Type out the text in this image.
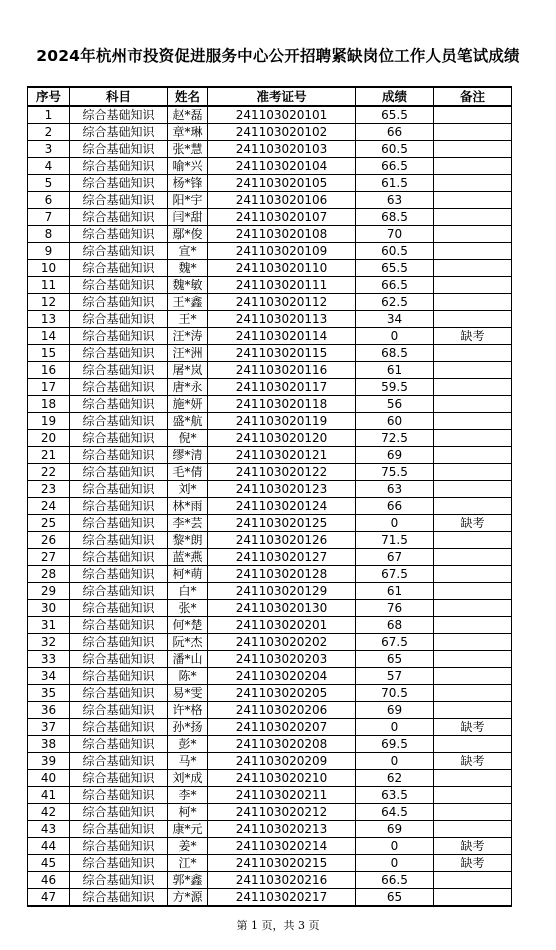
2024年杭州市投资促进服务中心公开招聘紧缺岗位工作人员笔试成绩
序号	科目	姓名	准考证号	成绩	备注
1	综合基础知识	赵*磊	241103020101	65.5	
2	综合基础知识	章*琳	241103020102	66	
3	综合基础知识	张*慧	241103020103	60.5	
4	综合基础知识	喻*兴	241103020104	66.5	
5	综合基础知识	杨*锋	241103020105	61.5	
6	综合基础知识	阳*宇	241103020106	63	
7	综合基础知识	闫*甜	241103020107	68.5	
8	综合基础知识	鄢*俊	241103020108	70	
9	综合基础知识	宣*	241103020109	60.5	
10	综合基础知识	魏*	241103020110	65.5	
11	综合基础知识	魏*敏	241103020111	66.5	
12	综合基础知识	王*鑫	241103020112	62.5	
13	综合基础知识	王*	241103020113	34	
14	综合基础知识	汪*涛	241103020114	0	缺考
15	综合基础知识	汪*洲	241103020115	68.5	
16	综合基础知识	屠*岚	241103020116	61	
17	综合基础知识	唐*永	241103020117	59.5	
18	综合基础知识	施*妍	241103020118	56	
19	综合基础知识	盛*航	241103020119	60	
20	综合基础知识	倪*	241103020120	72.5	
21	综合基础知识	缪*清	241103020121	69	
22	综合基础知识	毛*倩	241103020122	75.5	
23	综合基础知识	刘*	241103020123	63	
24	综合基础知识	林*雨	241103020124	66	
25	综合基础知识	李*芸	241103020125	0	缺考
26	综合基础知识	黎*朗	241103020126	71.5	
27	综合基础知识	蓝*燕	241103020127	67	
28	综合基础知识	柯*萌	241103020128	67.5	
29	综合基础知识	白*	241103020129	61	
30	综合基础知识	张*	241103020130	76	
31	综合基础知识	何*楚	241103020201	68	
32	综合基础知识	阮*杰	241103020202	67.5	
33	综合基础知识	潘*山	241103020203	65	
34	综合基础知识	陈*	241103020204	57	
35	综合基础知识	易*雯	241103020205	70.5	
36	综合基础知识	许*格	241103020206	69	
37	综合基础知识	孙*扬	241103020207	0	缺考
38	综合基础知识	彭*	241103020208	69.5	
39	综合基础知识	马*	241103020209	0	缺考
40	综合基础知识	刘*成	241103020210	62	
41	综合基础知识	李*	241103020211	63.5	
42	综合基础知识	柯*	241103020212	64.5	
43	综合基础知识	康*元	241103020213	69	
44	综合基础知识	姜*	241103020214	0	缺考
45	综合基础知识	江*	241103020215	0	缺考
46	综合基础知识	郭*鑫	241103020216	66.5	
47	综合基础知识	方*源	241103020217	65	
第 1 页，共 3 页
